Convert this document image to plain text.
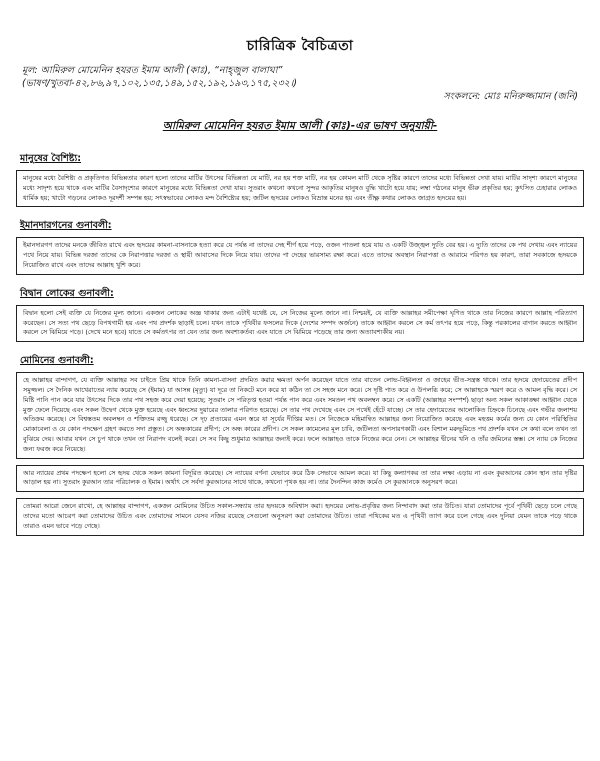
চারিত্রিক বৈচিত্রতা
মূল: আমিরুল মোমেনিন হযরত ইমাম আলী (কাঃ), “নাহ্‌জুল বালাঘা”
(ভাষণ/খুতবা-৪২,৮৬,৯৭,১০২,১৩৫,১৪৯,১৫২,১৯২,১৯৩,১৭৫,২৩২।)
সংকলনে: মোঃ মনিরুজ্জামান (জনি)
আমিরুল মোমেনিন হযরত ইমাম আলী (কাঃ)-এর ভাষণ অনুযায়ী-
মানুষের বৈশিষ্ট্য:

মানুষের মধ্যে বৈশিষ্ট্য ও প্রকৃতিগত বিভিন্নতার কারণ হলো তাদের মাটির উৎসের বিভিন্নতা যে মাটি, নর হয় শক্ত মাটি, নর হয় কোমল মাটি থেকে সৃষ্টির কারণে তাদের মধ্যে বিভিন্নতা দেখা যায়। মাটির সাদৃশ্য কারণে মানুষের মধ্যে সাদৃশ্য হয়ে থাকে এবং মাটির বৈসাদৃশ্যের কারণে মানুষের মধ্যে বিভিন্নতা দেখা যায়। সুতরাং কখনো কখনো সুন্দর আকৃতির মানুষও বুদ্ধি খাটো হয়ে যায়; লম্বা গঠনের মানুষ ভীরু প্রকৃতির হয়; কুৎসিত চেহারার লোকও ধার্মিক হয়; খাটো গড়নের লোকও দূরদর্শী সম্পন্ন হয়; সৎস্বভাবের লোকও মন্দ বৈশিষ্ট্যের হয়; জটিল হৃদয়ের লোকও বিভ্রান্ত মনের হয় এবং তীক্ষ্ণ কথার লোকও জাগ্রত হৃদয়ের হয়।

ইমানদারগনের গুনাবলী:

ইমানদারগণ তাদের মনকে জীবিত রাখে এবং হৃদয়ের কামনা-বাসনাকে হত্যা করে যে পর্যন্ত না তাদের দেহ শীর্ণ হয়ে পড়ে, ওজন পাতলা হয়ে যায় ও একটি উজ্জ্বল দ্যুতি বের হয়। এ দ্যুতি তাদের কে পথ দেখায় এবং ন্যায়ের পথে নিয়ে যায়। বিভিন্ন দরজা তাদের কে নিরাপত্তার দরজা ও স্থায়ী আবাসের দিকে নিয়ে যায়। তাদের পা দেহের ভারসাম্য রক্ষা করে। এতে তাদের অবস্থান নিরাপত্তা ও আরামে পরিণত হয় কারণ, তারা সবকাজে হৃদয়কে নিয়োজিত রাখে এবং তাদের আল্লাহ খুশি করে।

বিদ্বান লোকের গুনাবলী:

বিদ্বান হলো সেই ব্যক্তি যে নিজের মূল্য জানে। একজন লোকের অজ্ঞ থাকার জন্য এটাই যথেষ্ট যে, সে নিজের মূল্যে জানে না। নিশ্চয়ই, যে ব্যক্তি আল্লাহর সমীপেক্ষা ঘৃণিত থাকে তার নিজের কারণে আল্লাহ পরিত্যাগ করেছেন। সে সত্য পথ ছেড়ে বিপথগামী হয় এবং পথ প্রদর্শক ছাড়াই চলে। যখন তাকে পৃথিবীর ফসলের দিকে (দেশের সম্পদ অর্জনে) তাকে আহ্বান করলে সে কর্ম তৎপর হয়ে পড়ে, কিন্তু পরকালের বাগান করতে আহ্বান করলে সে ঝিমিয়ে পড়ে। (দেখে মনে হবে) যাতে সে কর্মতৎপর তা যেন তার জন্য অবশ্যকর্তব্য এবং যাতে সে ঝিমিয়ে পড়েছে তার জন্য অত্যাবশ্যকীয় নয়।

মোমিনের গুনাবলী:

হে আল্লাহর বান্দাগণ, যে ব্যক্তি আল্লাহর সব চাইতে প্রিয় থাকে তিনি কামনা-বাসনা প্রদমিত করার ক্ষমতা অর্পন করেছেন যাতে তার বাতেন লোভ-বিহ্বলতা ও জাহের ভীত-সন্ত্রস্ত থাকে। তার হৃদয়ে হেদায়েতের প্রদীপ সমুজ্জল। সে দৈনিক আখেরাতের ন্যায় করেছে সে (ইমাম) যা আসন্ন (মৃত্যু) যা দূরে তা নিকটে মনে করে যা কঠিন তা সে সহজ মনে করে। সে দৃষ্টি পাত করে ও উপলব্ধি করে; সে আল্লাহকে স্মরণ করে ও আমল বৃদ্ধি করে। সে মিষ্টি পানি পান করে যার উৎসের দিকে তার পথ সহজ করে দেয়া হয়েছে; সুতরাং সে পরিতৃপ্ত হওয়া পর্যন্ত পান করে এবং সমতল পথ অবলম্বন করে। সে একটি (আল্লাহর সংস্পর্শ) ছাড়া অন্য সকল আকাঙ্ক্ষা আহ্বান থেকে মুক্ত ফেলে দিয়েছে এবং সকল উদ্বেগ থেকে মুক্ত হয়েছে এবং ধ্বংসের দুয়ারের তালার পরিণত হয়েছে। সে তার পথ দেখেছে এবং সে পথেই হেঁটে যাচ্ছে। সে তার হেদায়েতের আলোকিত চিহ্নকে চিনেছে এবং গভীর জলাশয় অতিক্রম করেছে। সে বিশ্বস্ততম অবলম্বন ও শক্তিতম রজ্জু ধরেছে। সে দৃঢ় প্রত্যয়ের এমন স্তরে যা সূর্যের দীপ্তির মত। সে নিজেকে মহিমান্বিত আল্লাহর জন্য নিয়োজিত করেছে এবং মহত্তম কর্মের জন্য যে কোন পরিস্থিতির মোকাবেলা ও যে কোন পদক্ষেপ গ্রহণ করতে সদা প্রস্তুত। সে অন্ধকারের প্রদীপ; সে অন্ধ কারের প্রদীপ। সে সকল কামেলের মূল চাবি, জটিলতা অপসারণকারী এবং বিশাল মরুভূমিতে পথ প্রদর্শক যখন সে কথা বলে তখন তা বুঝিয়ে দেয়। আবার যখন সে চুপ থাকে তখন তা নিরাপদ বলেই করে। সে সব কিছু শুধুমাত্র আল্লাহর জন্যই করে। ফলে আল্লাহও তাকে নিজের করে নেন। সে আল্লাহর দ্বীনের খনি ও তাঁর জমিনের স্তম্ভ। সে ন্যায় কে নিজের জন্য ফরজ করে নিয়েছে।

আর ন্যায়ের প্রথম পদক্ষেপ হলো সে হৃদয় থেকে সকল কামনা বিদূরিত করেছে। সে ন্যায়ের বর্ণনা যেভাবে করে ঠিক সেভাবে আমল করে। যা কিছু কল্যাণকর তা তার লক্ষ্য এড়ায় না এবং কুরআনের কোন স্থান তার দৃষ্টির আড়াল হয় না। সুতরাং কুরআন তার পরিচালক ও ইমাম। অর্থাৎ সে সর্বদা কুরআনের সাথে থাকে, কখনো পৃথক হয় না। তার দৈনন্দিন কাজ কর্মেও সে কুরআনকে অনুসরণ করে।

তোমরা আরো জেনে রাখো, হে আল্লাহর বান্দাগণ, একজন মোমিনের উচিত সকাল-সন্ধ্যায় তার হৃদয়কে অবিশ্বাস করা। হৃদয়ের লোভ-প্রবৃত্তির জন্য নিন্দাবাদ করা তার উচিত। যারা তোমাদের পূর্বে পৃথিবী ছেড়ে চলে গেছে তাদের মতো আচরণ করা তোমাদের উচিত এবং তোমাদের সামনে যেসব নজির রয়েছে সেগুলো অনুসরণ করা তোমাদের উচিত। তারা পথিকের মত এ পৃথিবী ত্যাগ করে চলে গেছে এবং দুনিয়া যেমন তাকে পড়ে থাকে তারাও এমন ভাবে পড়ে গেছে।
